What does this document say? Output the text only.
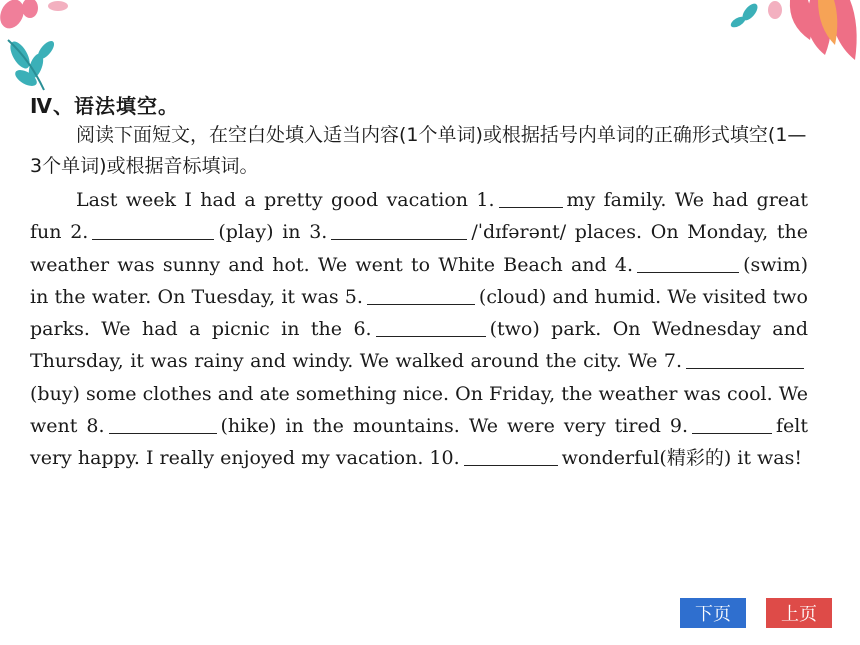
Ⅳ、语法填空。

阅读下面短文，在空白处填入适当内容(1个单词)或根据括号内单词的正确形式填空(1—3个单词)或根据音标填词。

Last week I had a pretty good vacation 1.	my family. We had great fun 2.	(play) in 3.	/ˈdɪfərənt/ places. On Monday, the weather was sunny and hot. We went to White Beach and 4.	(swim) in the water. On Tuesday, it was 5.	(cloud) and humid. We visited two parks. We had a picnic in the 6.	(two) park. On Wednesday and Thursday, it was rainy and windy. We walked around the city. We 7.(buy) some clothes and ate something nice. On Friday, the weather was cool. We went 8.	(hike) in the mountains. We were very tired 9.	felt very happy. I really enjoyed my vacation. 10.	wonderful(精彩的) it was!

下页	上页
